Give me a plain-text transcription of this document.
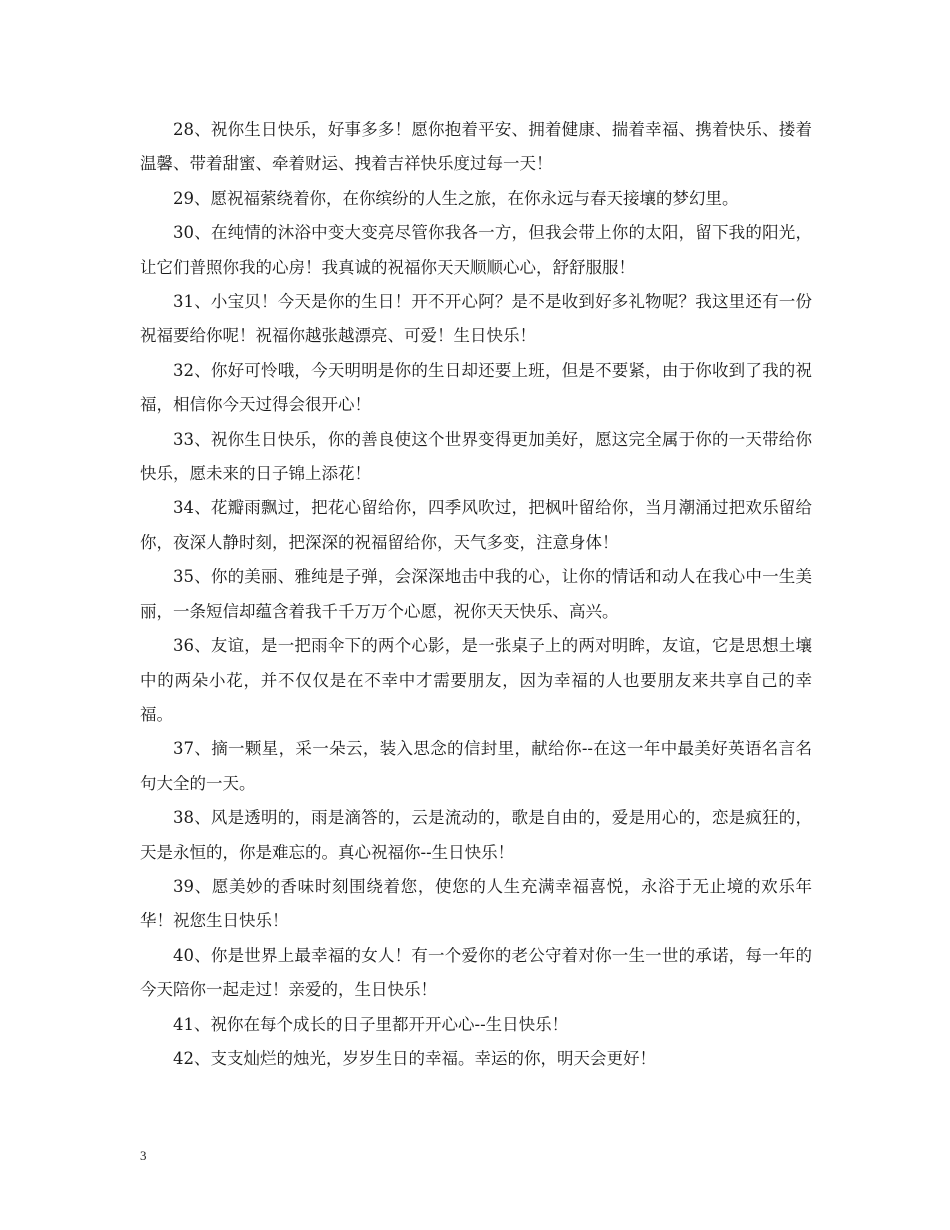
28、祝你生日快乐，好事多多！愿你抱着平安、拥着健康、揣着幸福、携着快乐、搂着温馨、带着甜蜜、牵着财运、拽着吉祥快乐度过每一天！

29、愿祝福萦绕着你，在你缤纷的人生之旅，在你永远与春天接壤的梦幻里。

30、在纯情的沐浴中变大变亮尽管你我各一方，但我会带上你的太阳，留下我的阳光，让它们普照你我的心房！我真诚的祝福你天天顺顺心心，舒舒服服！

31、小宝贝！今天是你的生日！开不开心阿？是不是收到好多礼物呢？我这里还有一份祝福要给你呢！祝福你越张越漂亮、可爱！生日快乐！

32、你好可怜哦，今天明明是你的生日却还要上班，但是不要紧，由于你收到了我的祝福，相信你今天过得会很开心！

33、祝你生日快乐，你的善良使这个世界变得更加美好，愿这完全属于你的一天带给你快乐，愿未来的日子锦上添花！

34、花瓣雨飘过，把花心留给你，四季风吹过，把枫叶留给你，当月潮涌过把欢乐留给你，夜深人静时刻，把深深的祝福留给你，天气多变，注意身体！

35、你的美丽、雅纯是子弹，会深深地击中我的心，让你的情话和动人在我心中一生美丽，一条短信却蕴含着我千千万万个心愿，祝你天天快乐、高兴。

36、友谊，是一把雨伞下的两个心影，是一张桌子上的两对明眸，友谊，它是思想土壤中的两朵小花，并不仅仅是在不幸中才需要朋友，因为幸福的人也要朋友来共享自己的幸福。

37、摘一颗星，采一朵云，装入思念的信封里，献给你--在这一年中最美好英语名言名句大全的一天。

38、风是透明的，雨是滴答的，云是流动的，歌是自由的，爱是用心的，恋是疯狂的，天是永恒的，你是难忘的。真心祝福你--生日快乐！

39、愿美妙的香味时刻围绕着您，使您的人生充满幸福喜悦，永浴于无止境的欢乐年华！祝您生日快乐！

40、你是世界上最幸福的女人！有一个爱你的老公守着对你一生一世的承诺，每一年的今天陪你一起走过！亲爱的，生日快乐！

41、祝你在每个成长的日子里都开开心心--生日快乐！

42、支支灿烂的烛光，岁岁生日的幸福。幸运的你，明天会更好！

3
